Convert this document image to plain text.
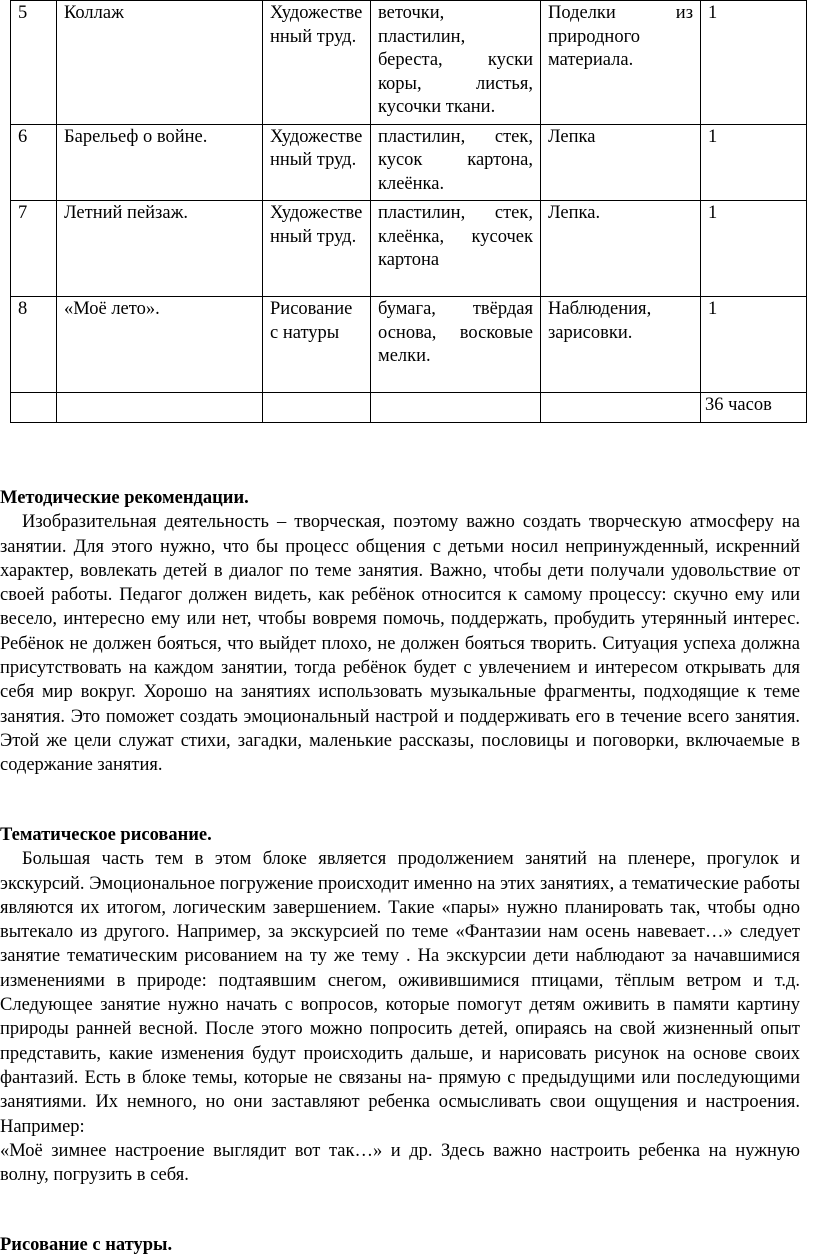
5	Коллаж	Художественный труд.	веточки, пластилин, береста, куски коры, листья, кусочки ткани.	Поделки из природного материала.	1
6	Барельеф о войне.	Художественный труд.	пластилин, стек, кусок картона, клеёнка.	Лепка	1
7	Летний пейзаж.	Художественный труд.	пластилин, стек, клеёнка, кусочек картона	Лепка.	1
8	«Моё лето».	Рисование с натуры	бумага, твёрдая основа, восковые мелки.	Наблюдения, зарисовки.	1
					36 часов

Методические рекомендации.

Изобразительная деятельность – творческая, поэтому важно создать творческую атмосферу на занятии. Для этого нужно, что бы процесс общения с детьми носил непринужденный, искренний характер, вовлекать детей в диалог по теме занятия. Важно, чтобы дети получали удовольствие от своей работы. Педагог должен видеть, как ребёнок относится к самому процессу: скучно ему или весело, интересно ему или нет, чтобы вовремя помочь, поддержать, пробудить утерянный интерес. Ребёнок не должен бояться, что выйдет плохо, не должен бояться творить. Ситуация успеха должна присутствовать на каждом занятии, тогда ребёнок будет с увлечением и интересом открывать для себя мир вокруг. Хорошо на занятиях использовать музыкальные фрагменты, подходящие к теме занятия. Это поможет создать эмоциональный настрой и поддерживать его в течение всего занятия. Этой же цели служат стихи, загадки, маленькие рассказы, пословицы и поговорки, включаемые в содержание занятия.

Тематическое рисование.

Большая часть тем в этом блоке является продолжением занятий на пленере, прогулок и экскурсий. Эмоциональное погружение происходит именно на этих занятиях, а тематические работы являются их итогом, логическим завершением. Такие «пары» нужно планировать так, чтобы одно вытекало из другого. Например, за экскурсией по теме «Фантазии нам осень навевает…» следует занятие тематическим рисованием на ту же тему . На экскурсии дети наблюдают за начавшимися изменениями в природе: подтаявшим снегом, оживившимися птицами, тёплым ветром и т.д. Следующее занятие нужно начать с вопросов, которые помогут детям оживить в памяти картину природы ранней весной. После этого можно попросить детей, опираясь на свой жизненный опыт представить, какие изменения будут происходить дальше, и нарисовать рисунок на основе своих фантазий. Есть в блоке темы, которые не связаны на- прямую с предыдущими или последующими занятиями. Их немного, но они заставляют ребенка осмысливать свои ощущения и настроения. Например:

«Моё зимнее настроение выглядит вот так…» и др. Здесь важно настроить ребенка на нужную волну, погрузить в себя.

Рисование с натуры.
